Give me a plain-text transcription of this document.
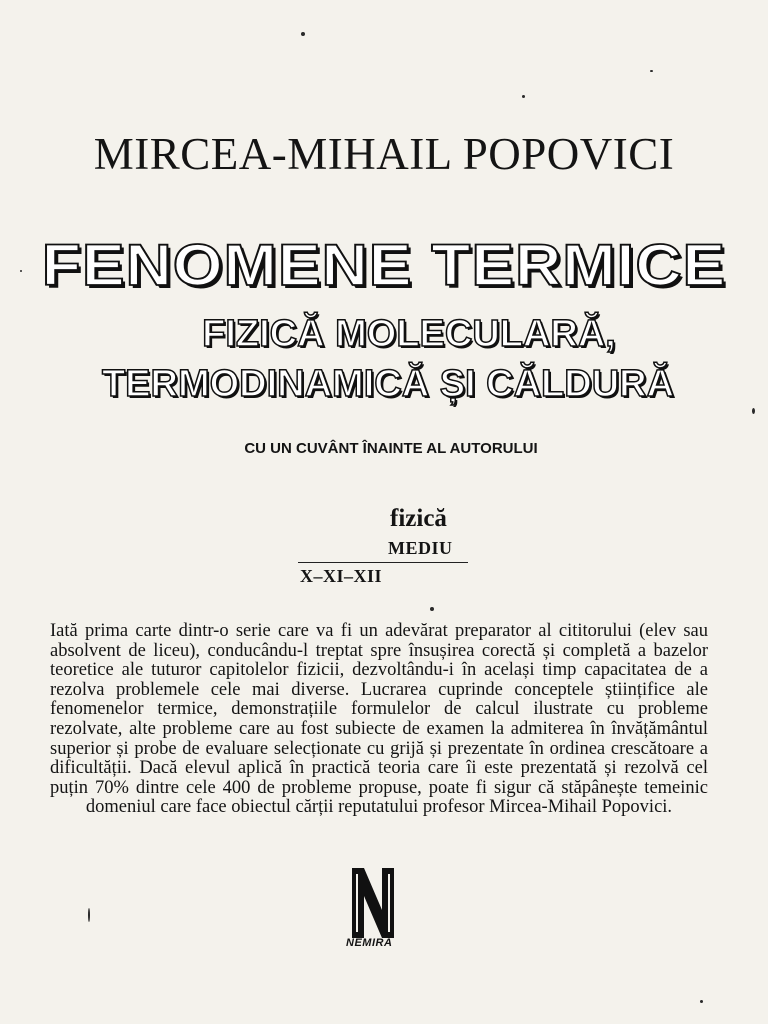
MIRCEA-MIHAIL POPOVICI
FENOMENE TERMICE
FIZICĂ MOLECULARĂ,
TERMODINAMICĂ ȘI CĂLDURĂ
CU UN CUVÂNT ÎNAINTE AL AUTORULUI
fizică
MEDIU
X–XI–XII
Iată prima carte dintr-o serie care va fi un adevărat preparator al cititorului (elev sau absolvent de liceu), conducându-l treptat spre însușirea corectă și completă a bazelor teoretice ale tuturor capitolelor fizicii, dezvoltându-i în același timp capacitatea de a rezolva problemele cele mai diverse. Lucrarea cuprinde conceptele științifice ale fenomenelor termice, demonstrațiile formulelor de calcul ilustrate cu probleme rezolvate, alte probleme care au fost subiecte de examen la admiterea în învățământul superior și probe de evaluare selecționate cu grijă și prezentate în ordinea crescătoare a dificultății. Dacă elevul aplică în practică teoria care îi este prezentată și rezolvă cel puțin 70% dintre cele 400 de probleme propuse, poate fi sigur că stăpânește temeinic domeniul care face obiectul cărții reputatului profesor Mircea-Mihail Popovici.
NEMIRA
